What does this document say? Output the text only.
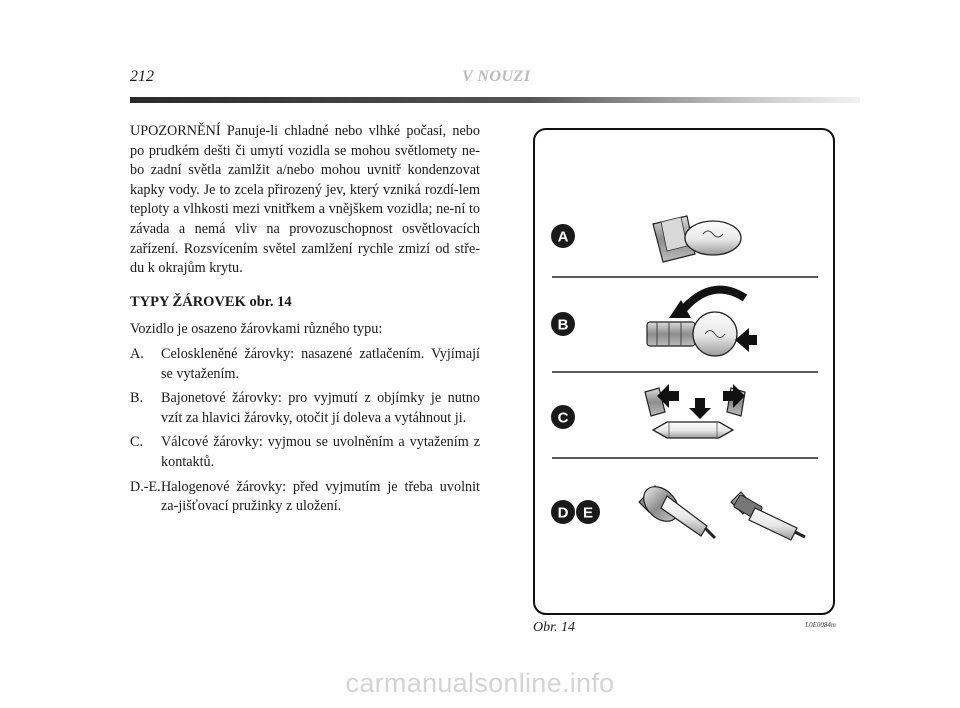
212	V NOUZI

UPOZORNĚNÍ Panuje-li chladné nebo vlhké počasí, nebo po prudkém dešti či umytí vozidla se mohou světlomety ne-bo zadní světla zamlžit a/nebo mohou uvnitř kondenzovat kapky vody. Je to zcela přirozený jev, který vzniká rozdí-lem teploty a vlhkosti mezi vnitřkem a vnějškem vozidla; ne-ní to závada a nemá vliv na provozuschopnost osvětlovacích zařízení. Rozsvícením světel zamlžení rychle zmizí od stře-du k okrajům krytu.

TYPY ŽÁROVEK obr. 14

Vozidlo je osazeno žárovkami různého typu:

A.	Celoskleněné žárovky: nasazené zatlačením. Vyjímají se vytažením.
B.	Bajonetové žárovky: pro vyjmutí z objímky je nutno vzít za hlavici žárovky, otočit jí doleva a vytáhnout ji.
C.	Válcové žárovky: vyjmou se uvolněním a vytažením z kontaktů.
D.-E. Halogenové žárovky: před vyjmutím je třeba uvolnit za-jišťovací pružinky z uložení.
A
B
C
D E
Obr. 14	L0E0084m
carmanualsonline.info
